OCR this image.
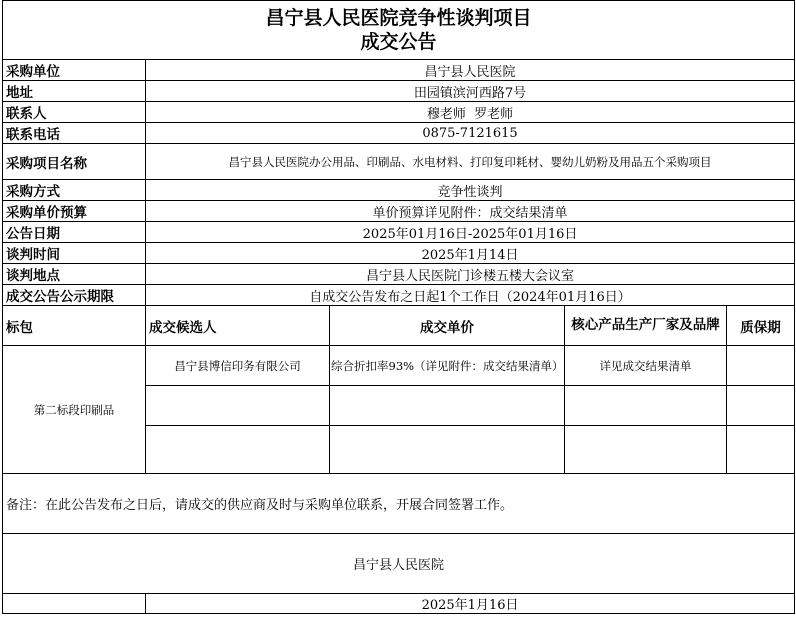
昌宁县人民医院竞争性谈判项目
成交公告				

采购单位	昌宁县人民医院			
地址	田园镇滨河西路7号			
联系人	穆老师  罗老师			
联系电话	0875-7121615			
采购项目名称	昌宁县人民医院办公用品、印刷品、水电材料、打印复印耗材、婴幼儿奶粉及用品五个采购项目			
采购方式	竞争性谈判			
采购单价预算	单价预算详见附件：成交结果清单			
公告日期	2025年01月16日-2025年01月16日			
谈判时间	2025年1月14日			
谈判地点	昌宁县人民医院门诊楼五楼大会议室			
成交公告公示期限	自成交公告发布之日起1个工作日（2024年01月16日）			
标包	成交候选人	成交单价	核心产品生产厂家及品牌	质保期
第二标段印刷品	昌宁县博信印务有限公司	综合折扣率93%（详见附件：成交结果清单）	详见成交结果清单	

备注：在此公告发布之日后，请成交的供应商及时与采购单位联系，开展合同签署工作。				
昌宁县人民医院				
	2025年1月16日			
